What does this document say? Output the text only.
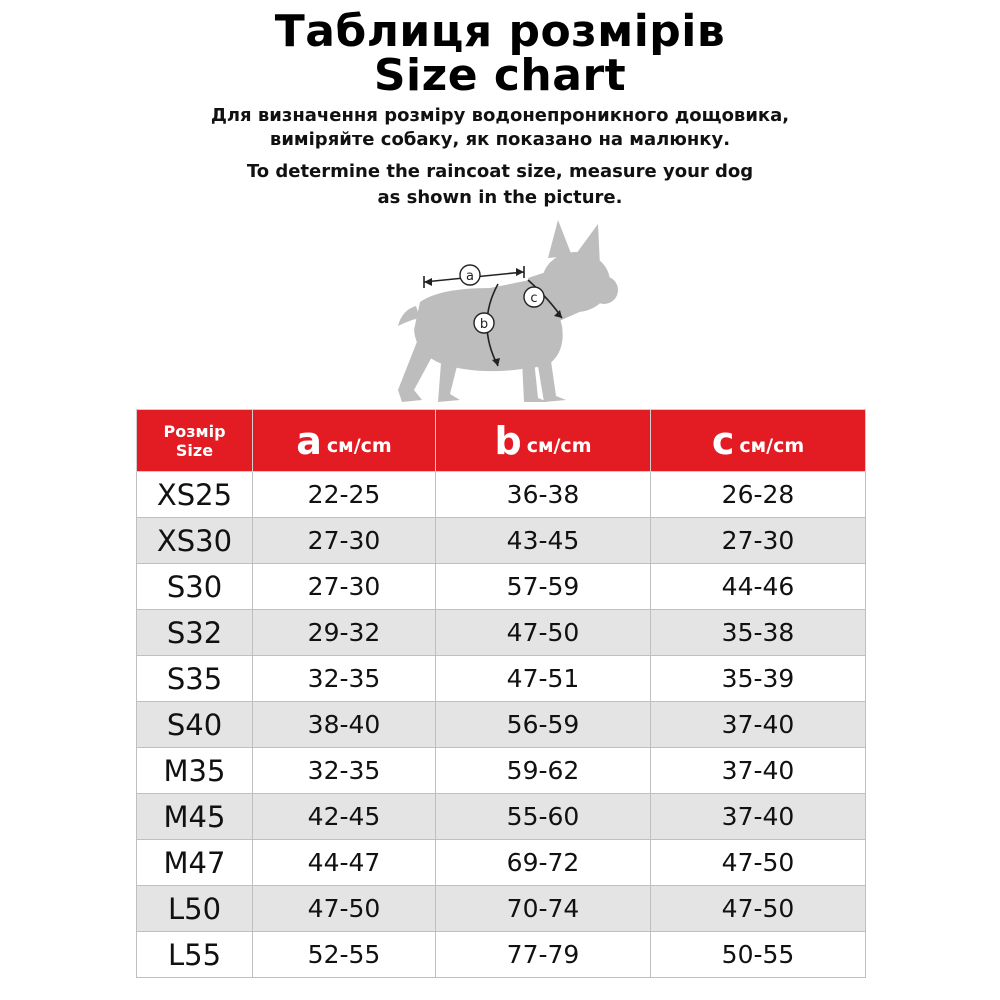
Таблиця розмірів
Size chart

Для визначення розміру водонепроникного дощовика,

виміряйте собаку, як показано на малюнку.

To determine the raincoat size, measure your dog

as shown in the picture.

a
b
c
Розмір
Size	a см/cm	b см/cm	c см/cm
XS25	22-25	36-38	26-28
XS30	27-30	43-45	27-30
S30	27-30	57-59	44-46
S32	29-32	47-50	35-38
S35	32-35	47-51	35-39
S40	38-40	56-59	37-40
M35	32-35	59-62	37-40
M45	42-45	55-60	37-40
M47	44-47	69-72	47-50
L50	47-50	70-74	47-50
L55	52-55	77-79	50-55
